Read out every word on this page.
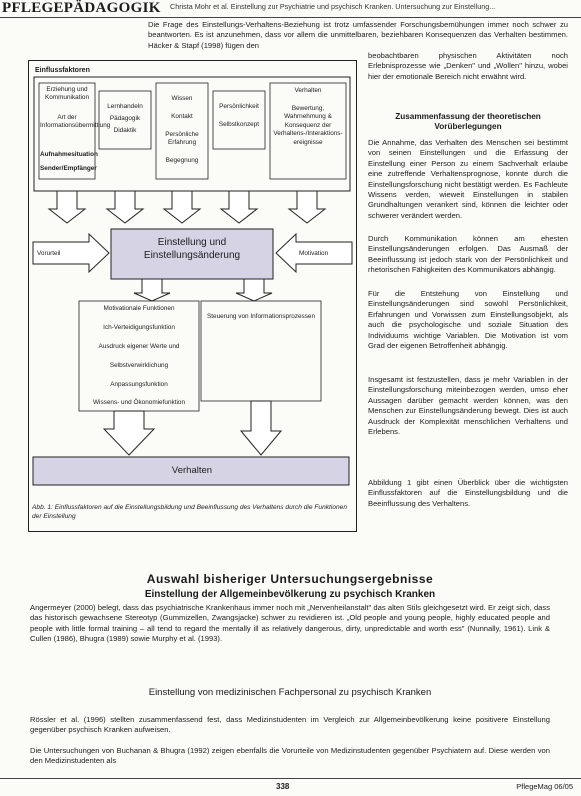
PFLEGEPÄDAGOGIK Christa Mohr et al. Einstellung zur Psychiatrie und psychisch Kranken. Untersuchung zur Einstellung...
Die Frage des Einstellungs-Verhaltens-Beziehung ist trotz umfassender Forschungsbemühungen immer noch schwer zu beantworten. Es ist anzunehmen, dass vor allem die unmittelbaren, beziehbaren Konsequenzen das Verhalten bestimmen. Häcker & Stapf (1998) fügen den
beobachtbaren physischen Aktivitäten noch Erlebnisprozesse wie „Denken" und „Wollen" hinzu, wobei hier der emotionale Bereich nicht erwähnt wird.
Einflussfaktoren
Erziehung und Kommunikation
Art der Informationsübermittlung
Aufnahmesituation
Sender/Empfänger
Lernhandeln
Pädagogik
Didaktik
Wissen
Kontakt
Persönliche Erfahrung
Begegnung
Persönlichkeit
Selbstkonzept
Verhalten
Bewertung, Wahrnehmung & Konsequenz der Verhaltens-/Interaktions-ereignisse
Einstellung und Einstellungsänderung
Vorurteil	Motivation
Motivationale Funktionen
Ich-Verteidigungsfunktion
Ausdruck eigener Werte und
Selbstverwirklichung
Anpassungsfunktion
Wissens- und Ökonomiefunktion
Steuerung von Informationsprozessen
Verhalten
Abb. 1: Einflussfaktoren auf die Einstellungsbildung und Beeinflussung des Verhaltens durch die Funktionen der Einstellung
Zusammenfassung der theoretischen Vorüberlegungen
Die Annahme, das Verhalten des Menschen sei bestimmt von seinen Einstellungen und die Erfassung der Einstellung einer Person zu einem Sachverhalt erlaube eine zutreffende Verhaltensprognose, konnte durch die Einstellungsforschung nicht bestätigt werden. Es Fachleute Wissens verden, wieweit Einstellungen in stabilen Grundhaltungen verankert sind, können die leichter oder schwerer verändert werden.
Durch Kommunikation können am ehesten Einstellungsänderungen erfolgen. Das Ausmaß der Beeinflussung ist jedoch stark von der Persönlichkeit und rhetorischen Fähigkeiten des Kommunikators abhängig.
Für die Entstehung von Einstellung und Einstellungsänderungen sind sowohl Persönlichkeit, Erfahrungen und Vorwissen zum Einstellungsobjekt, als auch die psychologische und soziale Situation des Individuums wichtige Variablen. Die Motivation ist vom Grad der eigenen Betroffenheit abhängig.
Insgesamt ist festzustellen, dass je mehr Variablen in der Einstellungsforschung miteinbezogen werden, umso eher Aussagen darüber gemacht werden können, was den Menschen zur Einstellungsänderung bewegt. Dies ist auch Ausdruck der Komplexität menschlichen Verhaltens und Erlebens.
Abbildung 1 gibt einen Überblick über die wichtigsten Einflussfaktoren auf die Einstellungsbildung und die Beeinflussung des Verhaltens.
Auswahl bisheriger Untersuchungsergebnisse
Einstellung der Allgemeinbevölkerung zu psychisch Kranken
Angermeyer (2000) belegt, dass das psychiatrische Krankenhaus immer noch mit „Nervenheilanstalt" das alten Stils gleichgesetzt wird. Er zeigt sich, dass das historisch gewachsene Stereotyp (Gummizellen, Zwangsjacke) schwer zu revidieren ist. „Old people and young people, highly educated people and people with little formal training – all tend to regard the mentally ill as relatively dangerous, dirty, unpredictable and worth ess" (Nunnally, 1961). Link & Cullen (1986), Bhugra (1989) sowie Murphy et al. (1993).
Einstellung von medizinischen Fachpersonal zu psychisch Kranken
Rössler et al. (1996) stellten zusammenfassend fest, dass Medizinstudenten im Vergleich zur Allgemeinbevölkerung keine positivere Einstellung gegenüber psychisch Kranken aufweisen.
Die Untersuchungen von Buchanan & Bhugra (1992) zeigen ebenfalls die Vorurteile von Medizinstudenten gegenüber Psychiatern auf. Diese werden von den Medizinstudenten als
338	PflegeMag 06/05
